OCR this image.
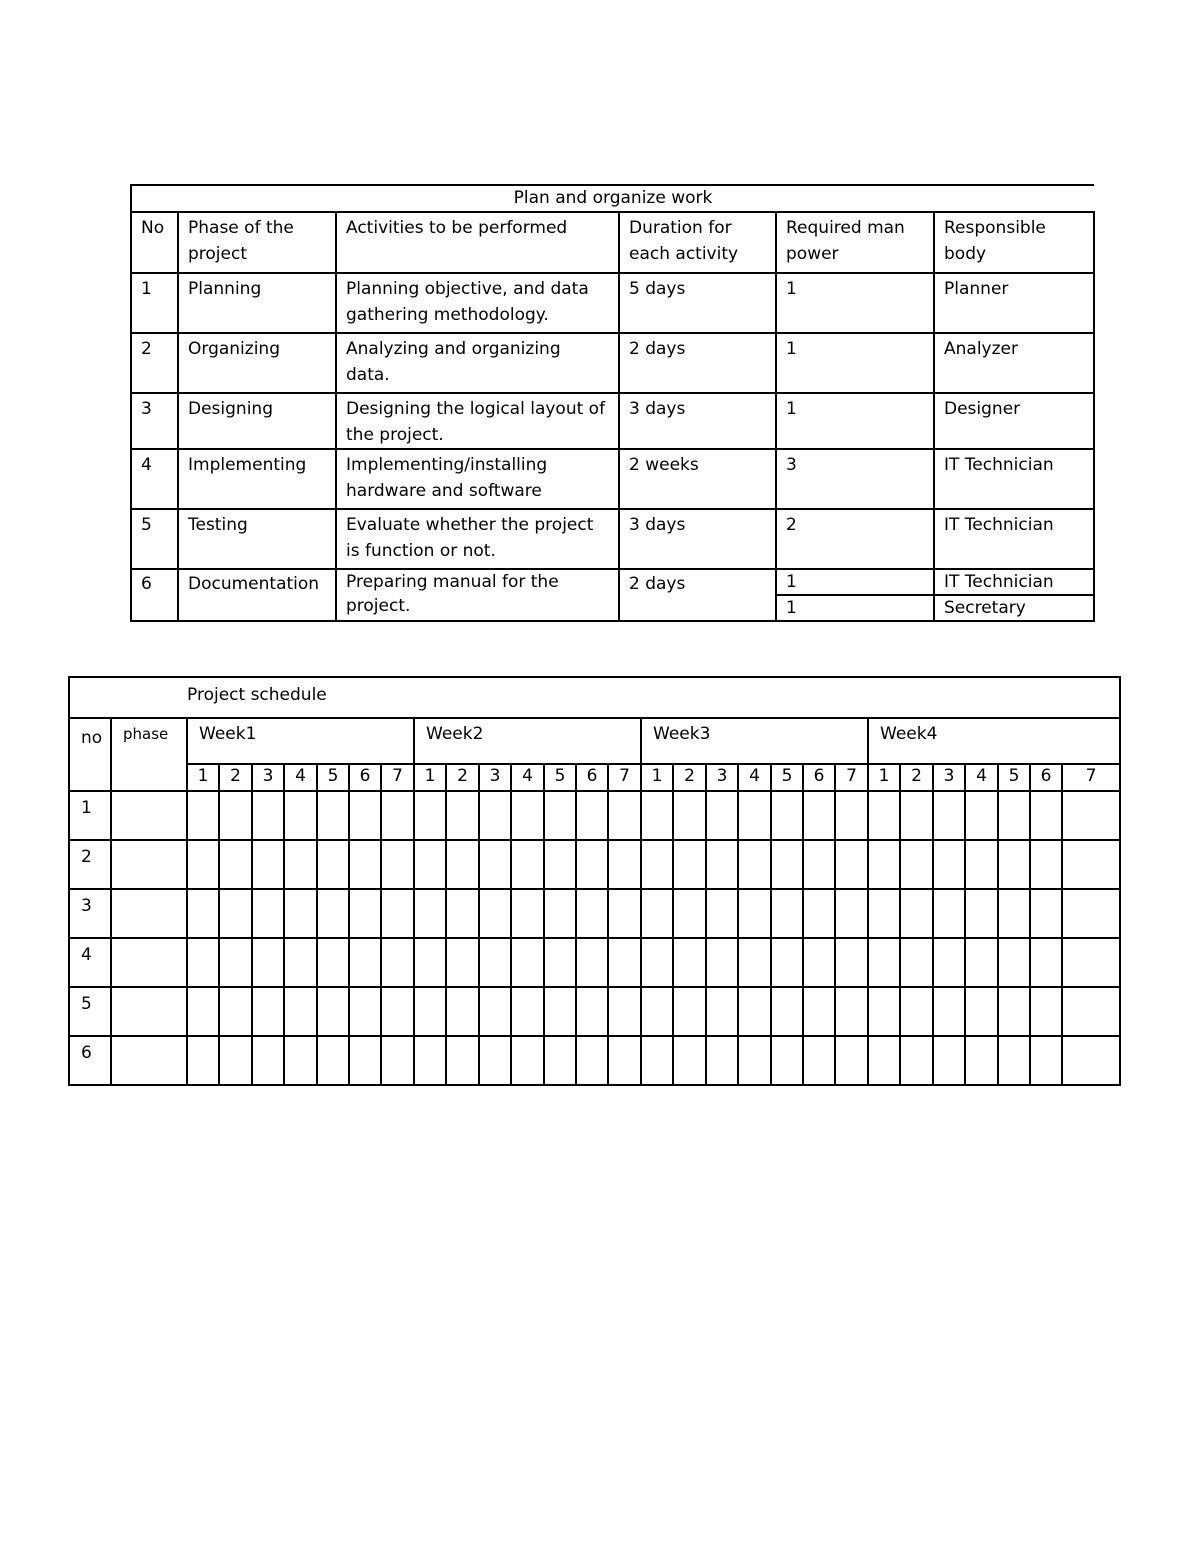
Plan and organize work					
No	Phase of the project	Activities to be performed	Duration for each activity	Required man power	Responsible body
1	Planning	Planning objective, and data gathering methodology.	5 days	1	Planner
2	Organizing	Analyzing and organizing data.	2 days	1	Analyzer
3	Designing	Designing the logical layout of the project.	3 days	1	Designer
4	Implementing	Implementing/installing hardware and software	2 weeks	3	IT Technician
5	Testing	Evaluate whether the project is function or not.	3 days	2	IT Technician
6	Documentation	Preparing manual for the project.	2 days	1	IT Technician
				1	Secretary
Project schedule																													
no	phase	Week1							Week2							Week3							Week4						
		1	2	3	4	5	6	7	1	2	3	4	5	6	7	1	2	3	4	5	6	7	1	2	3	4	5	6	7
1																													
2																													
3																													
4																													
5																													
6																													
